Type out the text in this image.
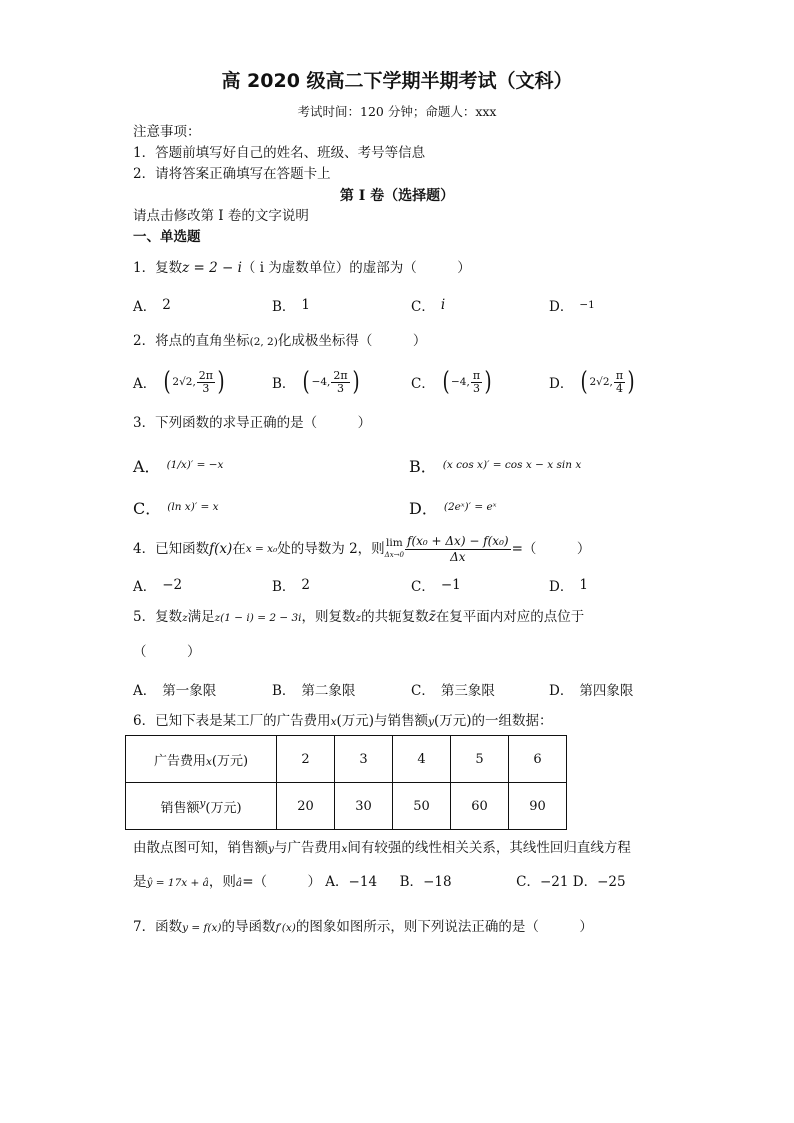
高 2020 级高二下学期半期考试（文科）
考试时间：120 分钟；命题人：xxx
注意事项：
1．答题前填写好自己的姓名、班级、考号等信息
2．请将答案正确填写在答题卡上
第 I 卷（选择题）
请点击修改第 I 卷的文字说明
一、单选题
1．复数z = 2 − i（ i 为虚数单位）的虚部为（　　　）
A． 2	B． 1	C． i	D． −1
2．将点的直角坐标(2, 2)化成极坐标得（　　　）
A． ( 2√2, $\frac{2\pi}{3}$ )	B． ( −4, $\frac{2\pi}{3}$ )	C． ( −4, $\frac{\pi}{3}$ )	D． ( 2√2, $\frac{\pi}{4}$ )
3．下列函数的求导正确的是（　　　）
A． (1/x)′ = −x	B． (x cos x)′ = cos x − x sin x
C． (ln x)′ = x	D． (2eˣ)′ = eˣ
4．已知函数 f(x) 在 x = x₀ 处的导数为 2，则 lim
$\Delta x\to 0 \frac{\text{f(x₀ + Δx) − f(x₀)}}{\Delta x}$ =（　　　）
A． −2	B． 2	C． −1	D． 1
5．复数z满足z(1 − i) = 2 − 3i，则复数z的共轭复数z̄在复平面内对应的点位于
（　　　）
A． 第一象限	B． 第二象限	C． 第三象限	D． 第四象限
6．已知下表是某工厂的广告费用x(万元)与销售额y(万元)的一组数据：
广告费用x(万元)	2	3	4	5	6
销售额$^y$(万元)	20	30	50	60	90
由散点图可知，销售额y与广告费用x间有较强的线性相关关系，其线性回归直线方程
是ŷ = 17x + â，则â=（　　　） A．−14 B．−18	C．−21 D．−25
7．函数y = f(x)的导函数f′(x)的图象如图所示，则下列说法正确的是（　　　）
